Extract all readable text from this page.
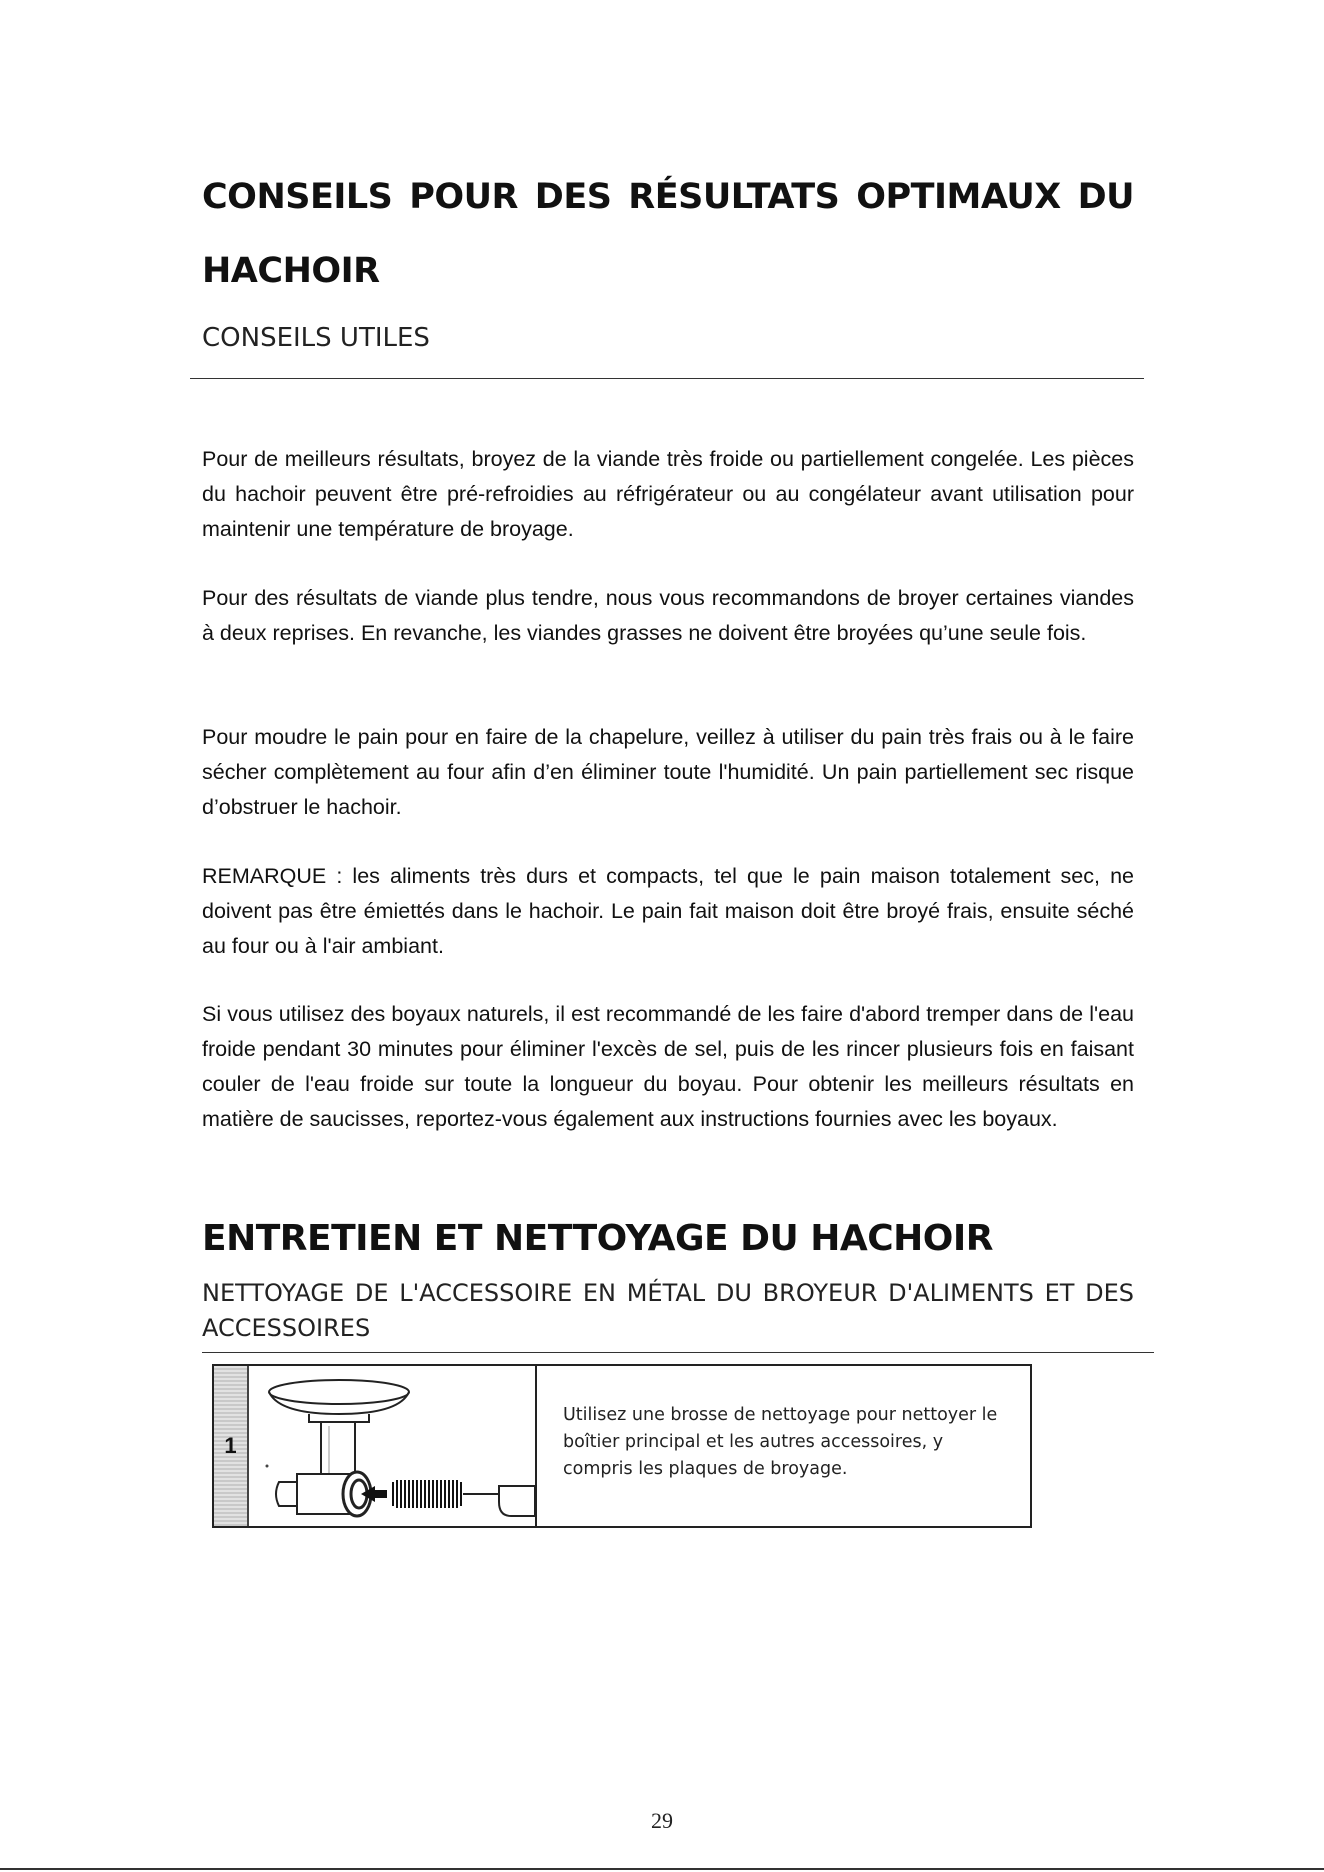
CONSEILS POUR DES RÉSULTATS OPTIMAUX DU
HACHOIR
CONSEILS UTILES

Pour de meilleurs résultats, broyez de la viande très froide ou partiellement congelée. Les pièces du hachoir peuvent être pré-refroidies au réfrigérateur ou au congélateur avant utilisation pour maintenir une température de broyage.

Pour des résultats de viande plus tendre, nous vous recommandons de broyer certaines viandes à deux reprises. En revanche, les viandes grasses ne doivent être broyées qu’une seule fois.

Pour moudre le pain pour en faire de la chapelure, veillez à utiliser du pain très frais ou à le faire sécher complètement au four afin d’en éliminer toute l'humidité. Un pain partiellement sec risque d’obstruer le hachoir.

REMARQUE : les aliments très durs et compacts, tel que le pain maison totalement sec, ne doivent pas être émiettés dans le hachoir. Le pain fait maison doit être broyé frais, ensuite séché au four ou à l'air ambiant.

Si vous utilisez des boyaux naturels, il est recommandé de les faire d'abord tremper dans de l'eau froide pendant 30 minutes pour éliminer l'excès de sel, puis de les rincer plusieurs fois en faisant couler de l'eau froide sur toute la longueur du boyau. Pour obtenir les meilleurs résultats en matière de saucisses, reportez-vous également aux instructions fournies avec les boyaux.

ENTRETIEN ET NETTOYAGE DU HACHOIR
NETTOYAGE DE L'ACCESSOIRE EN MÉTAL DU BROYEUR D'ALIMENTS ET DES ACCESSOIRES
1
Utilisez une brosse de nettoyage pour nettoyer le boîtier principal et les autres accessoires, y compris les plaques de broyage.
29
